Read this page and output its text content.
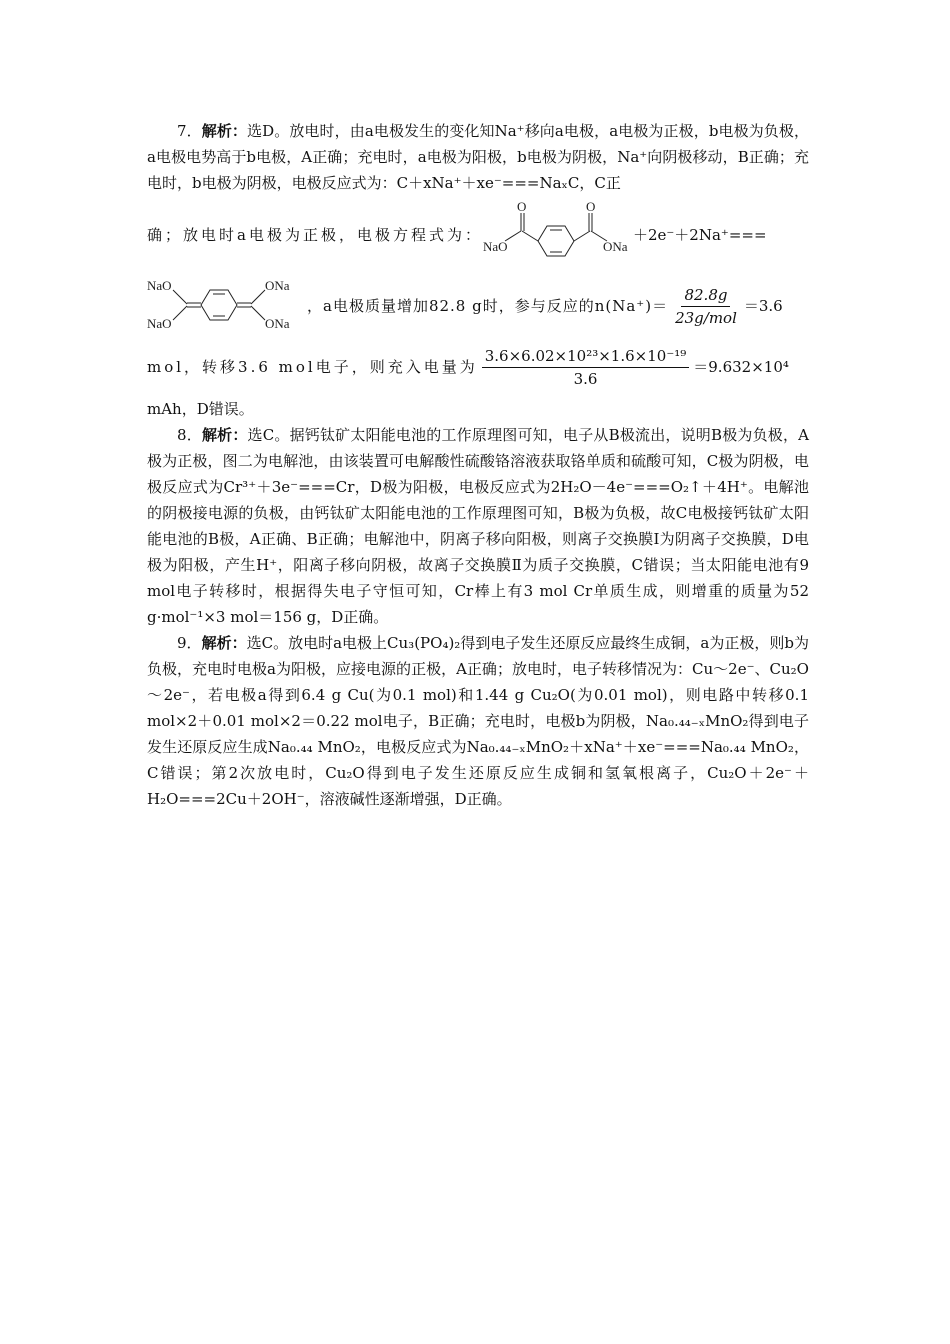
7．解析：选D。放电时，由a电极发生的变化知Na⁺移向a电极，a电极为正极，b电极为负极，a电极电势高于b电极，A正确；充电时，a电极为阳极，b电极为阴极，Na⁺向阴极移动，B正确；充电时，b电极为阴极，电极反应式为：C＋xNa⁺＋xe⁻===NaₓC，C正

确；放电时a电极为正极，电极方程式为：
O	O
NaO	ONa
＋2e⁻＋2Na⁺===
NaO
NaO
ONa
ONa
，a电极质量增加82.8 g时，参与反应的$n(Na^+)= \frac{82.8g}{\text{23g/mol}} =3.6$
mol，转移3.6 mol电子，则充入电量为 $\frac{\text{3.6×6.02×10²³×1.6×10⁻¹⁹}}{3.6} =9.632\times 10^4$

mAh，D错误。

8．解析：选C。据钙钛矿太阳能电池的工作原理图可知，电子从B极流出，说明B极为负极，A极为正极，图二为电解池，由该装置可电解酸性硫酸铬溶液获取铬单质和硫酸可知，C极为阴极，电极反应式为Cr³⁺＋3e⁻===Cr，D极为阳极，电极反应式为2H₂O－4e⁻===O₂↑＋4H⁺。电解池的阴极接电源的负极，由钙钛矿太阳能电池的工作原理图可知，B极为负极，故C电极接钙钛矿太阳能电池的B极，A正确、B正确；电解池中，阴离子移向阳极，则离子交换膜Ⅰ为阴离子交换膜，D电极为阳极，产生H⁺，阳离子移向阴极，故离子交换膜Ⅱ为质子交换膜，C错误；当太阳能电池有9 mol电子转移时，根据得失电子守恒可知，Cr棒上有3 mol Cr单质生成，则增重的质量为52 g·mol⁻¹×3 mol＝156 g，D正确。

9．解析：选C。放电时a电极上Cu₃(PO₄)₂得到电子发生还原反应最终生成铜，a为正极，则b为负极，充电时电极a为阳极，应接电源的正极，A正确；放电时，电子转移情况为：Cu～2e⁻、Cu₂O～2e⁻，若电极a得到6.4 g Cu(为0.1 mol)和1.44 g Cu₂O(为0.01 mol)，则电路中转移0.1 mol×2＋0.01 mol×2＝0.22 mol电子，B正确；充电时，电极b为阴极，Na₀.₄₄₋ₓMnO₂得到电子发生还原反应生成Na₀.₄₄ MnO₂，电极反应式为Na₀.₄₄₋ₓMnO₂＋xNa⁺＋xe⁻===Na₀.₄₄ MnO₂，C错误；第2次放电时，Cu₂O得到电子发生还原反应生成铜和氢氧根离子，Cu₂O＋2e⁻＋H₂O===2Cu＋2OH⁻，溶液碱性逐渐增强，D正确。
